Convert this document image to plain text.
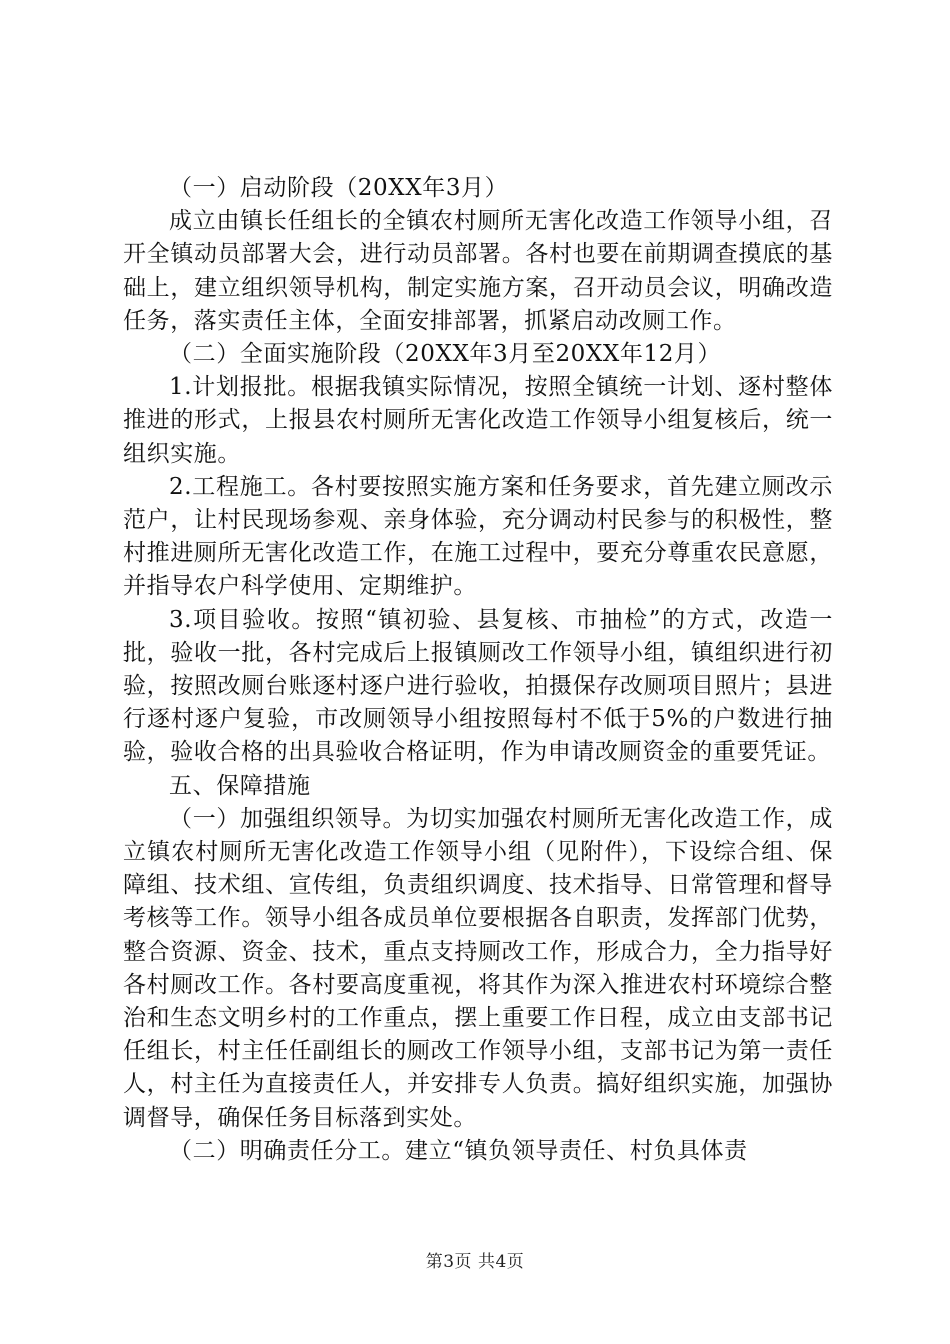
（一）启动阶段（20XX年3月）

成立由镇长任组长的全镇农村厕所无害化改造工作领导小组，召开全镇动员部署大会，进行动员部署。各村也要在前期调查摸底的基础上，建立组织领导机构，制定实施方案，召开动员会议，明确改造任务，落实责任主体，全面安排部署，抓紧启动改厕工作。

（二）全面实施阶段（20XX年3月至20XX年12月）

1.计划报批。根据我镇实际情况，按照全镇统一计划、逐村整体推进的形式，上报县农村厕所无害化改造工作领导小组复核后，统一组织实施。

2.工程施工。各村要按照实施方案和任务要求，首先建立厕改示范户，让村民现场参观、亲身体验，充分调动村民参与的积极性，整村推进厕所无害化改造工作，在施工过程中，要充分尊重农民意愿，并指导农户科学使用、定期维护。

3.项目验收。按照“镇初验、县复核、市抽检”的方式，改造一批，验收一批，各村完成后上报镇厕改工作领导小组，镇组织进行初验，按照改厕台账逐村逐户进行验收，拍摄保存改厕项目照片；县进行逐村逐户复验，市改厕领导小组按照每村不低于5%的户数进行抽验，验收合格的出具验收合格证明，作为申请改厕资金的重要凭证。

五、保障措施

（一）加强组织领导。为切实加强农村厕所无害化改造工作，成立镇农村厕所无害化改造工作领导小组（见附件），下设综合组、保障组、技术组、宣传组，负责组织调度、技术指导、日常管理和督导考核等工作。领导小组各成员单位要根据各自职责，发挥部门优势，整合资源、资金、技术，重点支持厕改工作，形成合力，全力指导好各村厕改工作。各村要高度重视，将其作为深入推进农村环境综合整治和生态文明乡村的工作重点，摆上重要工作日程，成立由支部书记任组长，村主任任副组长的厕改工作领导小组，支部书记为第一责任人，村主任为直接责任人，并安排专人负责。搞好组织实施，加强协调督导，确保任务目标落到实处。

（二）明确责任分工。建立“镇负领导责任、村负具体责

第3页 共4页
